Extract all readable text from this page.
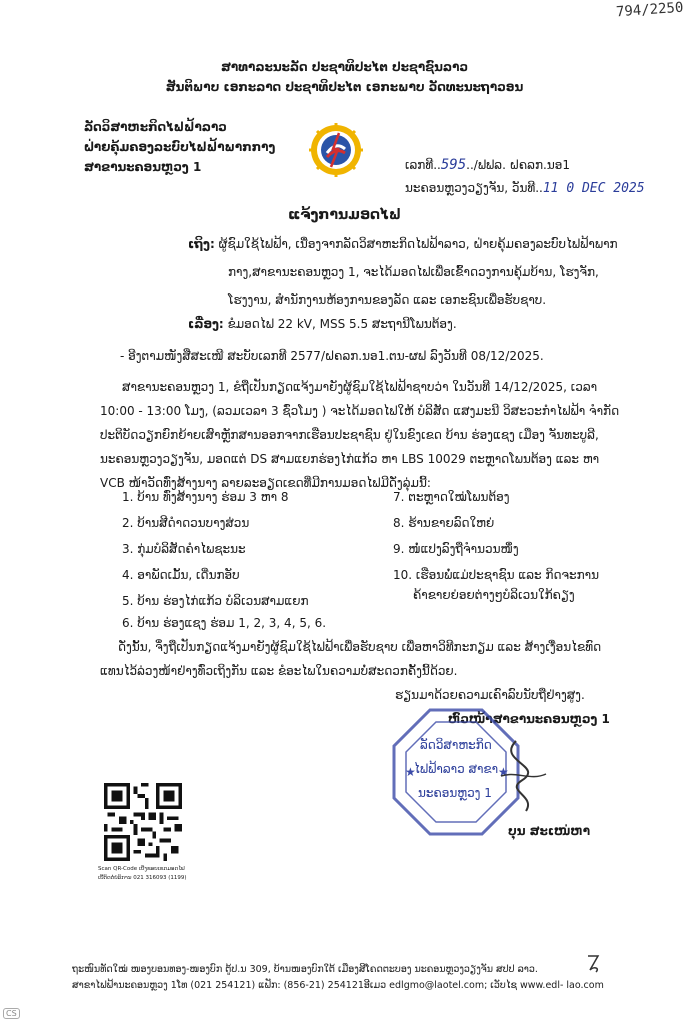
794/2250
ສາທາລະນະລັດ ປະຊາທິປະໄຕ ປະຊາຊົນລາວ
ສັນຕິພາບ ເອກະລາດ ປະຊາທິປະໄຕ ເອກະພາບ ວັດທະນະຖາວອນ
ລັດວິສາຫະກິດໄຟຟ້າລາວ
ຝ່າຍຄຸ້ມຄອງລະບົບໄຟຟ້າພາກກາງ
ສາຂານະຄອນຫຼວງ 1	ເລກທີ..595../ຟຟລ. ຝຄລກ.ນອ1
ນະຄອນຫຼວງວຽງຈັນ, ວັນທີ..11 0 DEC 2025
ແຈ້ງການມອດໄຟ
ເຖິງ: ຜູ້ຊົມໃຊ້ໄຟຟ້າ, ເນື່ອງຈາກລັດວິສາຫະກິດໄຟຟ້າລາວ, ຝ່າຍຄຸ້ມຄອງລະບົບໄຟຟ້າພາກ
ກາງ,ສາຂານະຄອນຫຼວງ 1, ຈະໄດ້ມອດໄຟເພື່ອເຂົ້າດວງການຄຸ້ມບ້ານ, ໂຮງຈັກ,
ໂຮງງານ, ສຳນັກງານຫ້ອງການຂອງລັດ ແລະ ເອກະຊົນເພື່ອຮັບຊາບ.
ເລື່ອງ: ຂໍມອດໄຟ 22 kV, MSS 5.5 ສະຖານີໂພນຕ້ອງ.
- ອີງຕາມໜັງສືສະເໜີ ສະບັບເລກທີ 2577/ຝຄລກ.ນອ1.ຕນ-ຜຟ ລົງວັນທີ 08/12/2025.
ສາຂານະຄອນຫຼວງ 1, ຂໍຖືເປັນກຽດແຈ້ງມາຍັງຜູ້ຊົມໃຊ້ໄຟຟ້າຊາບວ່າ ໃນວັນທີ 14/12/2025, ເວລາ
10:00 - 13:00 ໂມງ, (ລວມເວລາ 3 ຊົ່ວໂມງ ) ຈະໄດ້ມອດໄຟໃຫ້ ບໍລິສັດ ແສງມະນີ ວິສະວະກຳໄຟຟ້າ ຈຳກັດ
ປະຕິບັດວຽກຍົກຍ້າຍເສົາຫຼັກສານອອກຈາກເຮືອນປະຊາຊົນ ຢູ່ໃນຂົງເຂດ ບ້ານ ຮ່ອງແຊງ ເມືອງ ຈັນທະບູລີ,
ນະຄອນຫຼວງວຽງຈັນ, ມອດແຕ່ DS ສາມແຍກຮ່ອງໄກ່ແກ້ວ ຫາ LBS 10029 ຕະຫຼາດໂພນຕ້ອງ ແລະ ຫາ
VCB ໜ້າວັດທົ່ງສ້າງນາງ ລາຍລະອຽດເຂດທີ່ມີການມອດໄຟມີດັ່ງລຸ່ມນີ້:
1. ບ້ານ ທົ່ງສ້າງນາງ ຮ່ອມ 3 ຫາ 8
2. ບ້ານສີດຳດວນບາງສ່ວນ
3. ກຸ່ມບໍລິສັດຄຳໄພຊະນະ
4. ອາພັດເມັ້ນ, ເດີ່ນກອັບ
5. ບ້ານ ຮ່ອງໄກ່ແກ້ວ ບໍລິເວນສາມແຍກ
6. ບ້ານ ຮ່ອງແຊງ ຮ່ອມ 1, 2, 3, 4, 5, 6.
7. ຕະຫຼາດໃໝ່ໂພນຕ້ອງ
8. ຮ້ານຂາຍລົດໃຫຍ່
9. ໜໍ່ແປງລົງຖືຈຳນວນໜຶ່ງ
10. ເຮືອນພໍ່ແມ່ປະຊາຊົນ ແລະ ກິດຈະການ
ຄ້າຂາຍຍ່ອຍຕ່າງໆບໍລິເວນໃກ້ຄຽງ
ດັ່ງນັ້ນ, ຈຶ່ງຖືເປັນກຽດແຈ້ງມາຍັງຜູ້ຊົມໃຊ້ໄຟຟ້າເພື່ອຮັບຊາບ ເພື່ອຫາວິທີກະກຽມ ແລະ ສ້າງເງື່ອນໄຂທົດ
ແທນໄວ້ລ່ວງໜ້າຢ່າງທົ່ວເຖິງກັນ ແລະ ຂໍອະໄພໃນຄວາມບໍ່ສະດວກຄັ້ງນີ້ດ້ວຍ.
ຮຽນມາດ້ວຍຄວາມເຄົາລົບນັບຖືຢ່າງສູງ.
ຫົວໜ້າສາຂານະຄອນຫຼວງ 1
★	★
ລັດວິສາຫະກິດ
ໄຟຟ້າລາວ ສາຂາ
ນະຄອນຫຼວງ 1
ບຸນ ສະເໜ່ຫາ
Scan QR-Code ເບີ່ງຂອບເຂດມອດໄຟ
ເບີ້ຕິດຕໍ່ບໍລິການ 021 316093 (1199)
ຖະໜົນທັດໃໝ່ ໜອງບອນທອງ-ໜອງບົກ ຕູ້ປ.ນ 309, ບ້ານໜອງບົກໃຕ້ ເມືອງສີໂຄດຕະບອງ ນະຄອນຫຼວງວຽງຈັນ ສປປ ລາວ.
ສາຂາໄຟຟ້ານະຄອນຫຼວງ 1ໂທ (021 254121) ແຟັກ: (856-21) 254121ອີເມວ edlgmo@laotel.com; ເວັບໄຊ www.edl- lao.com
CS
